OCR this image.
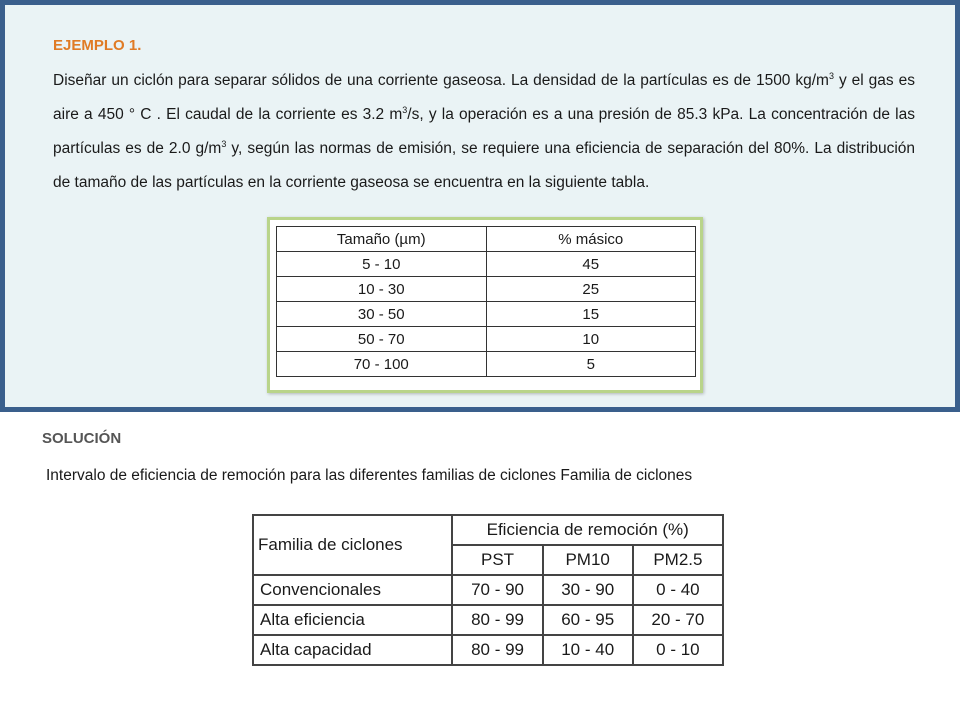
EJEMPLO 1.

Diseñar un ciclón para separar sólidos de una corriente gaseosa. La densidad de la partículas es de 1500 $kg/m^3$ y el gas es aire a 450 ° C . El caudal de la corriente es 3.2 $m^3/s$, y la operación es a una presión de 85.3 kPa. La concentración de las partículas es de 2.0 $g/m^3$ y, según las normas de emisión, se requiere una eficiencia de separación del 80%. La distribución de tamaño de las partículas en la corriente gaseosa se encuentra en la siguiente tabla.

Tamaño (µm)	% másico
5 - 10	45
10 - 30	25
30 - 50	15
50 - 70	10
70 - 100	5
SOLUCIÓN
Intervalo de eficiencia de remoción para las diferentes familias de ciclones Familia de ciclones
Familia de ciclones	Eficiencia de remoción (%)		
	PST	PM10	PM2.5
Convencionales	70 - 90	30 - 90	0 - 40
Alta eficiencia	80 - 99	60 - 95	20 - 70
Alta capacidad	80 - 99	10 - 40	0 - 10
